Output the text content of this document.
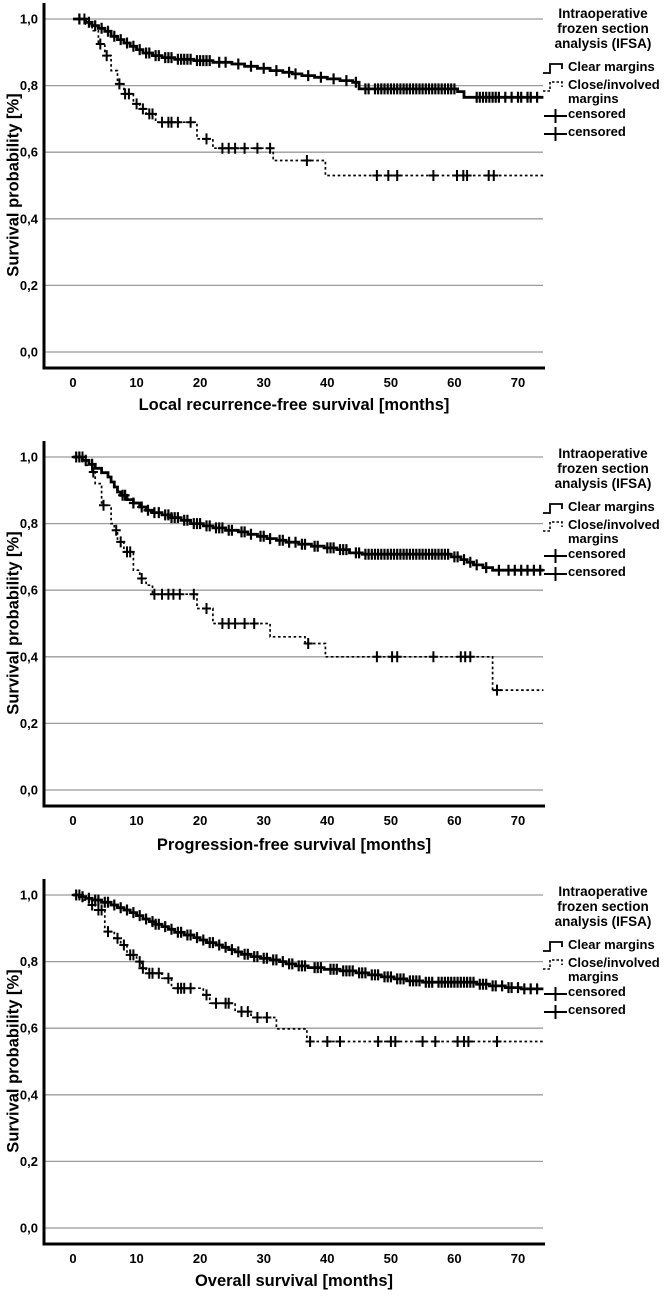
1,0
0,8
0,6
0,4
0,2
0,0
0	10	20	30	40	50	60	70
Survival probability [%]
Local recurrence-free survival [months]
Intraoperative frozen section analysis (IFSA)
Clear margins
Close/involved margins
censored
censored
1,0
0,8
0,6
0,4
0,2
0,0
0	10	20	30	40	50	60	70
Survival probability [%]
Progression-free survival [months]
Intraoperative frozen section analysis (IFSA)
Clear margins
Close/involved margins
censored
censored
1,0
0,8
0,6
0,4
0,2
0,0
0	10	20	30	40	50	60	70
Survival probability [%]
Overall survival [months]
Intraoperative frozen section analysis (IFSA)
Clear margins
Close/involved margins
censored
censored
